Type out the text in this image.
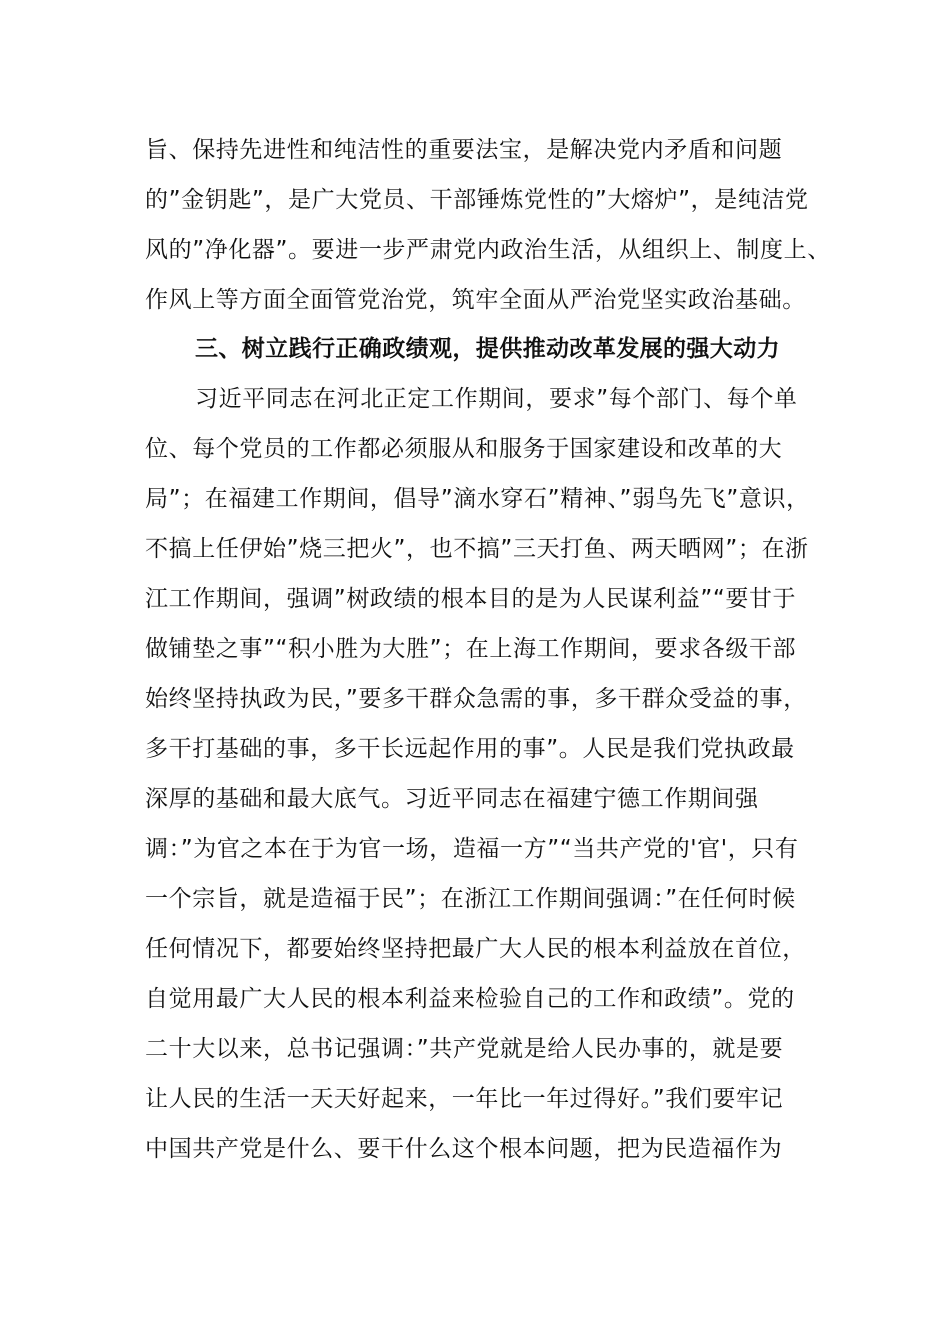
旨、保持先进性和纯洁性的重要法宝，是解决党内矛盾和问题
的”金钥匙”，是广大党员、干部锤炼党性的”大熔炉”，是纯洁党
风的”净化器”。要进一步严肃党内政治生活，从组织上、制度上、
作风上等方面全面管党治党，筑牢全面从严治党坚实政治基础。
三、树立践行正确政绩观，提供推动改革发展的强大动力
习近平同志在河北正定工作期间，要求”每个部门、每个单
位、每个党员的工作都必须服从和服务于国家建设和改革的大
局”；在福建工作期间，倡导”滴水穿石”精神、”弱鸟先飞”意识，
不搞上任伊始”烧三把火”，也不搞”三天打鱼、两天晒网”；在浙
江工作期间，强调”树政绩的根本目的是为人民谋利益”“要甘于
做铺垫之事”“积小胜为大胜”；在上海工作期间，要求各级干部
始终坚持执政为民，”要多干群众急需的事，多干群众受益的事，
多干打基础的事，多干长远起作用的事”。人民是我们党执政最
深厚的基础和最大底气。习近平同志在福建宁德工作期间强
调：”为官之本在于为官一场，造福一方”“当共产党的'官'，只有
一个宗旨，就是造福于民”；在浙江工作期间强调：”在任何时候
任何情况下，都要始终坚持把最广大人民的根本利益放在首位，
自觉用最广大人民的根本利益来检验自己的工作和政绩”。党的
二十大以来，总书记强调：”共产党就是给人民办事的，就是要
让人民的生活一天天好起来，一年比一年过得好。”我们要牢记
中国共产党是什么、要干什么这个根本问题，把为民造福作为
